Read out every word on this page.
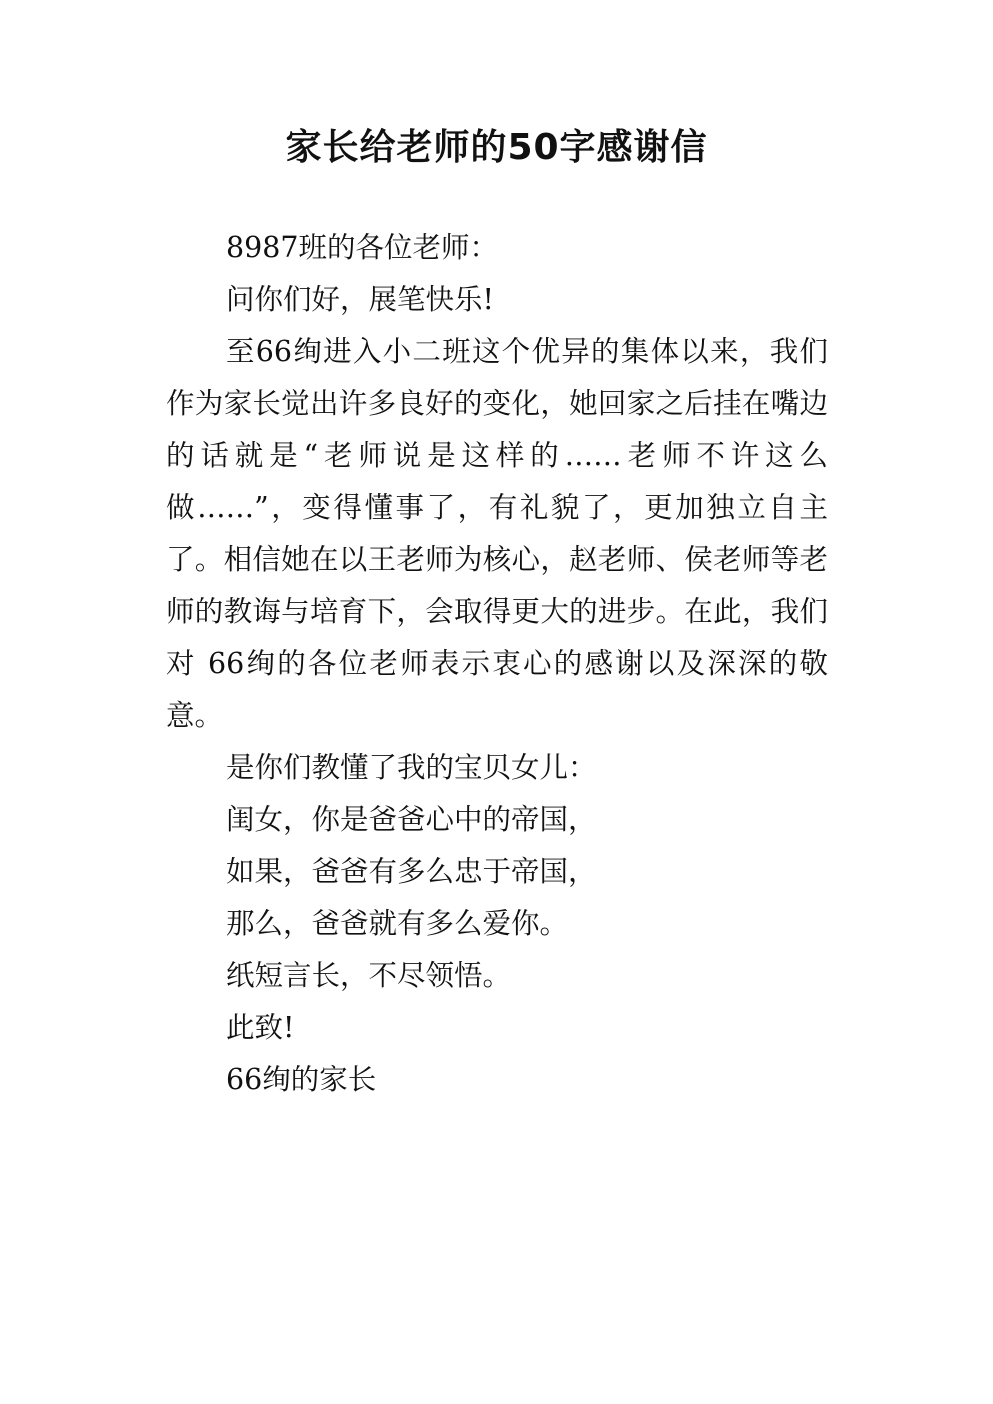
家长给老师的50字感谢信

8987班的各位老师：

问你们好，展笔快乐!

至66绚进入小二班这个优异的集体以来，我们作为家长觉出许多良好的变化，她回家之后挂在嘴边的话就是“老师说是这样的……老师不许这么做……”，变得懂事了，有礼貌了，更加独立自主了。相信她在以王老师为核心，赵老师、侯老师等老师的教诲与培育下，会取得更大的进步。在此，我们对 66绚的各位老师表示衷心的感谢以及深深的敬意。

是你们教懂了我的宝贝女儿：

闺女，你是爸爸心中的帝国，

如果，爸爸有多么忠于帝国，

那么，爸爸就有多么爱你。

纸短言长，不尽领悟。

此致!

66绚的家长
